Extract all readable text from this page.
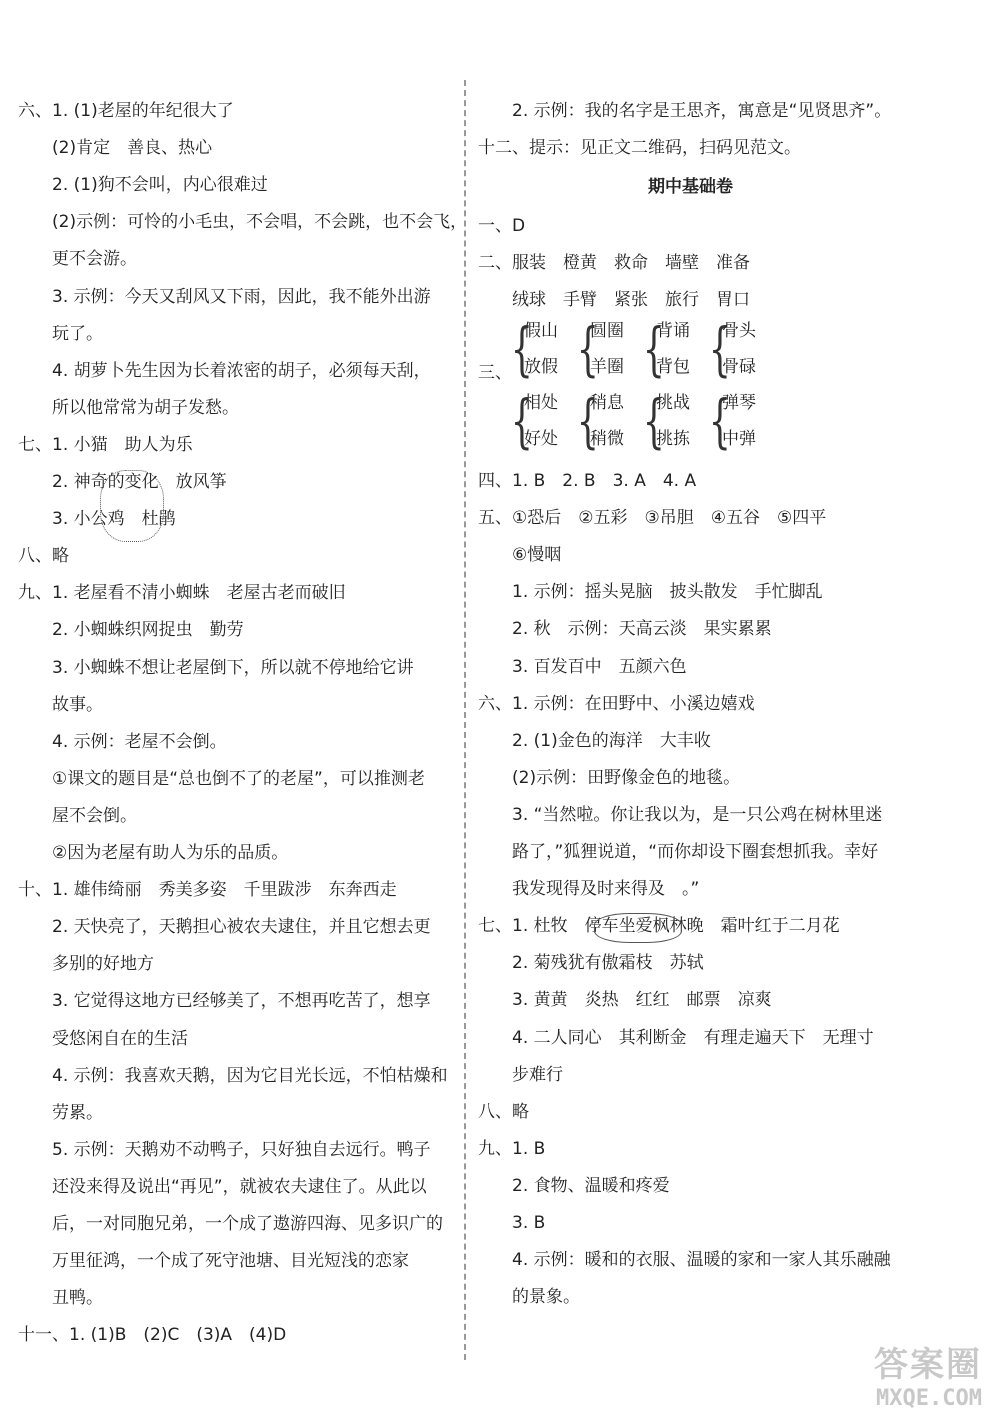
六、1. (1)老屋的年纪很大了
(2)肯定　善良、热心
2. (1)狗不会叫，内心很难过
(2)示例：可怜的小毛虫，不会唱，不会跳，也不会飞，
更不会游。
3. 示例：今天又刮风又下雨，因此，我不能外出游
玩了。
4. 胡萝卜先生因为长着浓密的胡子，必须每天刮，
所以他常常为胡子发愁。
七、1. 小猫　助人为乐
2. 神奇的变化　放风筝
3. 小公鸡　杜鹃
八、略
九、1. 老屋看不清小蜘蛛　老屋古老而破旧
2. 小蜘蛛织网捉虫　勤劳
3. 小蜘蛛不想让老屋倒下，所以就不停地给它讲
故事。
4. 示例：老屋不会倒。
①课文的题目是“总也倒不了的老屋”，可以推测老
屋不会倒。
②因为老屋有助人为乐的品质。
十、1. 雄伟绮丽　秀美多姿　千里跋涉　东奔西走
2. 天快亮了，天鹅担心被农夫逮住，并且它想去更
多别的好地方
3. 它觉得这地方已经够美了，不想再吃苦了，想享
受悠闲自在的生活
4. 示例：我喜欢天鹅，因为它目光长远，不怕枯燥和
劳累。
5. 示例：天鹅劝不动鸭子，只好独自去远行。鸭子
还没来得及说出“再见”，就被农夫逮住了。从此以
后，一对同胞兄弟，一个成了遨游四海、见多识广的
万里征鸿，一个成了死守池塘、目光短浅的恋家
丑鸭。
十一、1. (1)B　(2)C　(3)A　(4)D
2. 示例：我的名字是王思齐，寓意是“见贤思齐”。
十二、提示：见正文二维码，扫码见范文。
期中基础卷
一、D
二、服装　橙黄　救命　墙壁　准备
绒球　手臂　紧张　旅行　胃口
三、
{
假山
放假 {
圆圈
羊圈 {
背诵
背包 {
骨头
骨碌
{
相处
好处 {
稍息
稍微 {
挑战
挑拣 {
弹琴
中弹
四、1. B　2. B　3. A　4. A
五、①恐后　②五彩　③吊胆　④五谷　⑤四平
⑥慢咽
1. 示例：摇头晃脑　披头散发　手忙脚乱
2. 秋　示例：天高云淡　果实累累
3. 百发百中　五颜六色
六、1. 示例：在田野中、小溪边嬉戏
2. (1)金色的海洋　大丰收
(2)示例：田野像金色的地毯。
3. “当然啦。你让我以为，是一只公鸡在树林里迷
路了，”狐狸说道，“而你却设下圈套想抓我。幸好
我发现得及时来得及　。”
七、1. 杜牧　停车坐爱枫林晚　霜叶红于二月花
2. 菊残犹有傲霜枝　苏轼
3. 黄黄　炎热　红红　邮票　凉爽
4. 二人同心　其利断金　有理走遍天下　无理寸
步难行
八、略
九、1. B
2. 食物、温暖和疼爱
3. B
4. 示例：暖和的衣服、温暖的家和一家人其乐融融
的景象。
答案圈
MXQE.COM
